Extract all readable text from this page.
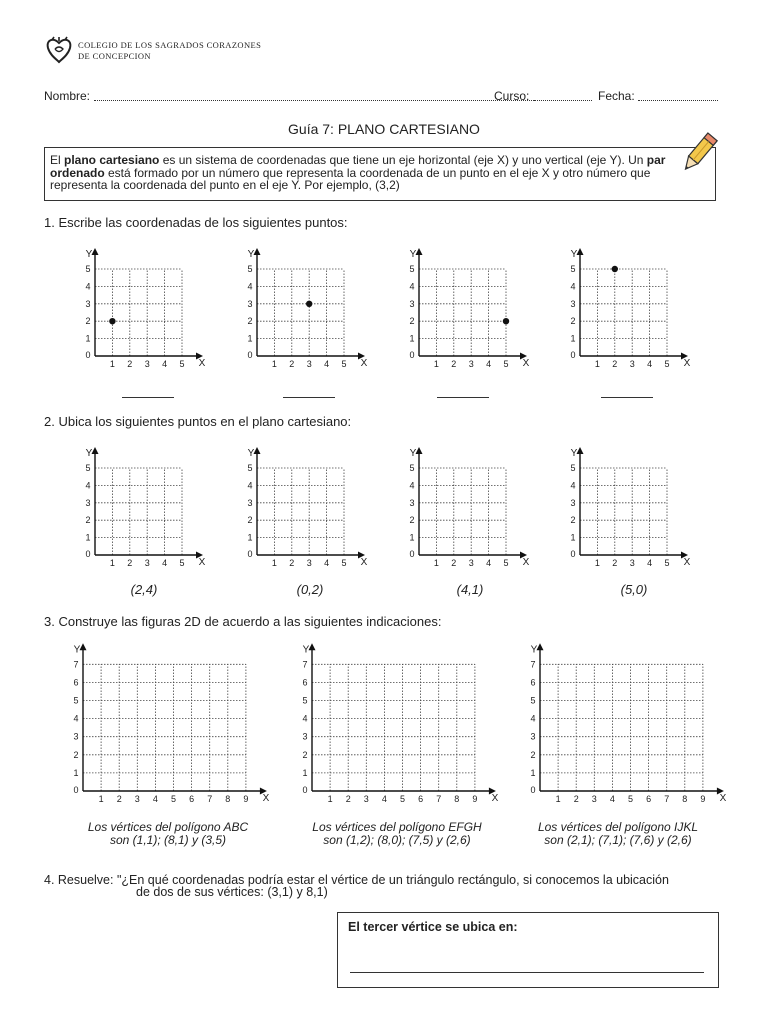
COLEGIO DE LOS SAGRADOS CORAZONES
DE CONCEPCION
Nombre:	Curso:	Fecha:
Guía 7: PLANO CARTESIANO
El plano cartesiano es un sistema de coordenadas que tiene un eje horizontal (eje X) y uno vertical (eje Y). Un par ordenado está formado por un número que representa la coordenada de un punto en el eje X y otro número que representa la coordenada del punto en el eje Y. Por ejemplo, (3,2)
1. Escribe las coordenadas de los siguientes puntos:
X
Y
0
1 2 3 4 5
1
2
3
4
5
X
Y
0
1 2 3 4 5
1
2
3
4
5
X
Y
0
1 2 3 4 5
1
2
3
4
5
X
Y
0
1 2 3 4 5
1
2
3
4
5
X
Y
0
1 2 3 4 5
1
2
3
4
5
X
Y
0
1 2 3 4 5
1
2
3
4
5
X
Y
0
1 2 3 4 5
1
2
3
4
5
X
Y
0
1 2 3 4 5
1
2
3
4
5
X
Y
0
1 2 3 4 5 6 7 8 9
1
2
3
4
5
6
7
X
Y
0
1 2 3 4 5 6 7 8 9
1
2
3
4
5
6
7
X
Y
0
1 2 3 4 5 6 7 8 9
1
2
3
4
5
6
7
2. Ubica los siguientes puntos en el plano cartesiano:
(2,4)	(0,2)	(4,1)	(5,0)
3. Construye las figuras 2D de acuerdo a las siguientes indicaciones:
Los vértices del polígono ABC
son (1,1); (8,1) y (3,5)
Los vértices del polígono EFGH
son (1,2); (8,0); (7,5) y (2,6)
Los vértices del polígono IJKL
son (2,1); (7,1); (7,6) y (2,6)
4. Resuelve: "¿En qué coordenadas podría estar el vértice de un triángulo rectángulo, si conocemos la ubicación
de dos de sus vértices: (3,1) y 8,1)
El tercer vértice se ubica en:
